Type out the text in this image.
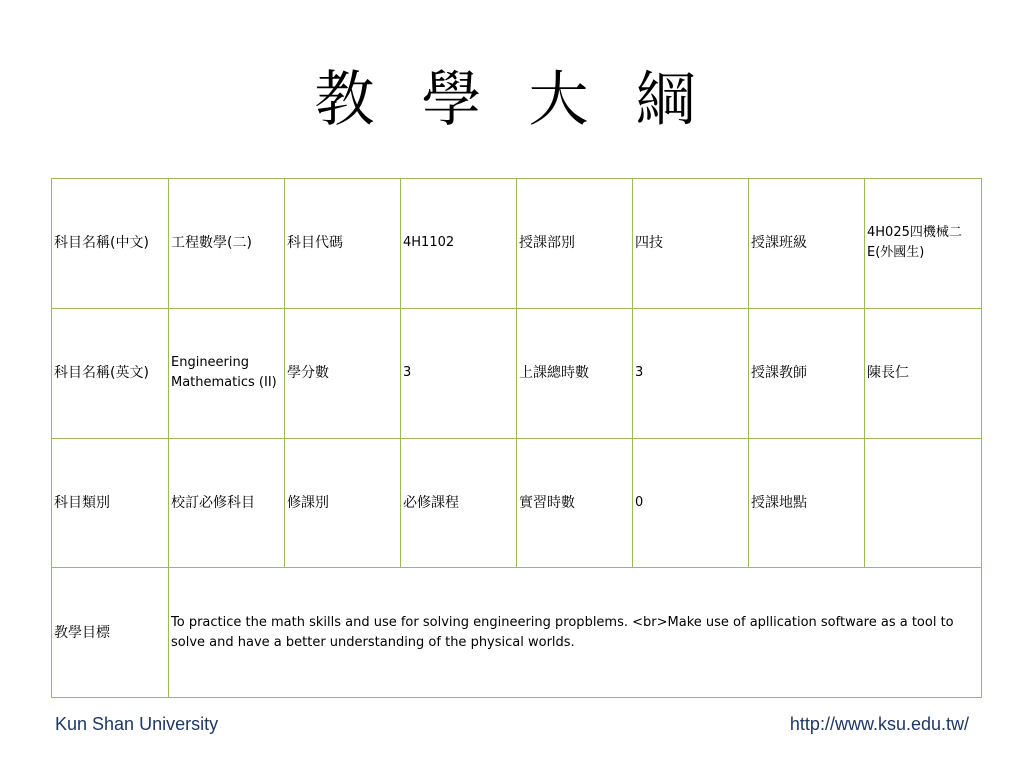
教 學 大 綱
科目名稱(中文)	工程數學(二)	科目代碼	4H1102	授課部別	四技	授課班級	4H025四機械二E(外國生)
科目名稱(英文)	Engineering Mathematics (II)	學分數	3	上課總時數	3	授課教師	陳長仁
科目類別	校訂必修科目	修課別	必修課程	實習時數	0	授課地點	
教學目標	To practice the math skills and use for solving engineering propblems. <br>Make use of apllication software as a tool to solve and have a better understanding of the physical worlds.						
Kun Shan University	http://www.ksu.edu.tw/
